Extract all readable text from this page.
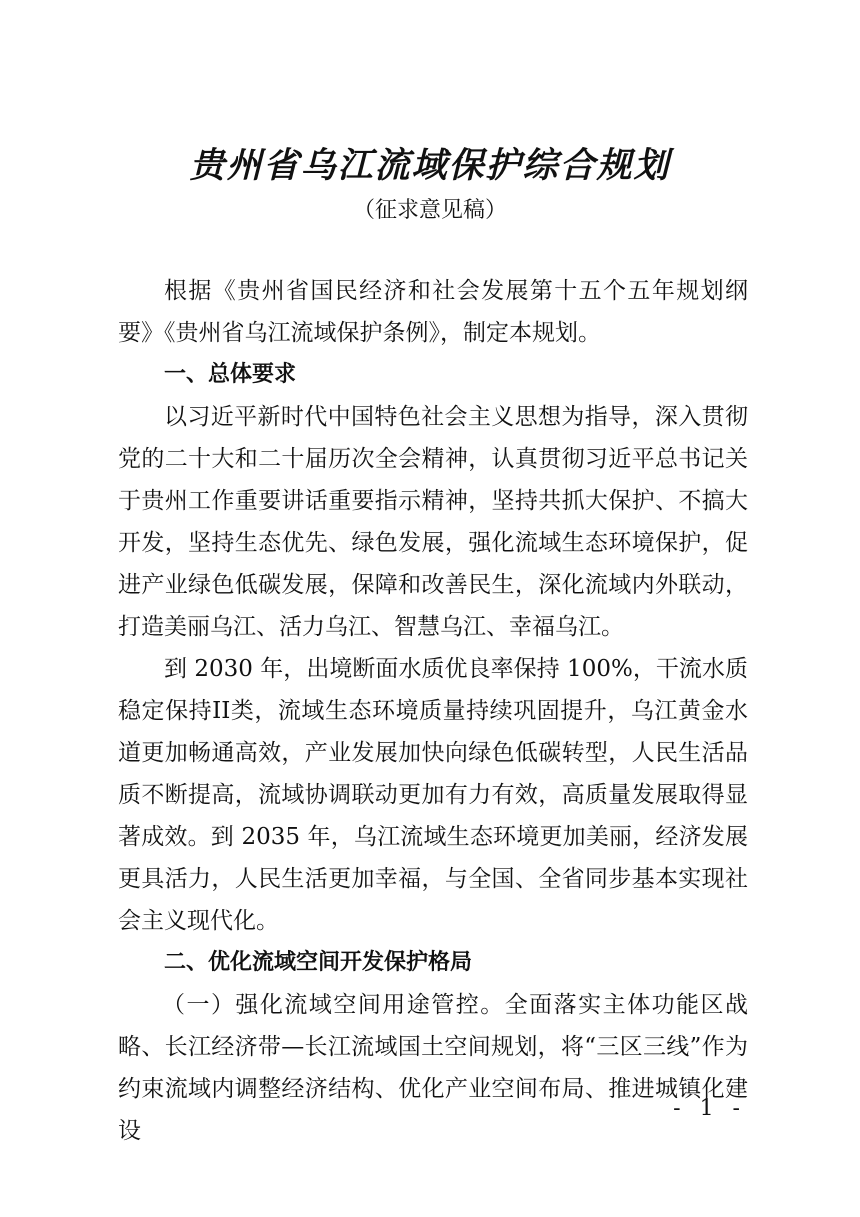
贵州省乌江流域保护综合规划
（征求意见稿）

根据《贵州省国民经济和社会发展第十五个五年规划纲要》《贵州省乌江流域保护条例》，制定本规划。

一、总体要求

以习近平新时代中国特色社会主义思想为指导，深入贯彻党的二十大和二十届历次全会精神，认真贯彻习近平总书记关于贵州工作重要讲话重要指示精神，坚持共抓大保护、不搞大开发，坚持生态优先、绿色发展，强化流域生态环境保护，促进产业绿色低碳发展，保障和改善民生，深化流域内外联动，打造美丽乌江、活力乌江、智慧乌江、幸福乌江。

到 2030 年，出境断面水质优良率保持 100%，干流水质稳定保持II类，流域生态环境质量持续巩固提升，乌江黄金水道更加畅通高效，产业发展加快向绿色低碳转型，人民生活品质不断提高，流域协调联动更加有力有效，高质量发展取得显著成效。到 2035 年，乌江流域生态环境更加美丽，经济发展更具活力，人民生活更加幸福，与全国、全省同步基本实现社会主义现代化。

二、优化流域空间开发保护格局

（一）强化流域空间用途管控。全面落实主体功能区战略、长江经济带—长江流域国土空间规划，将“三区三线”作为约束流域内调整经济结构、优化产业空间布局、推进城镇化建设

- 1 -
